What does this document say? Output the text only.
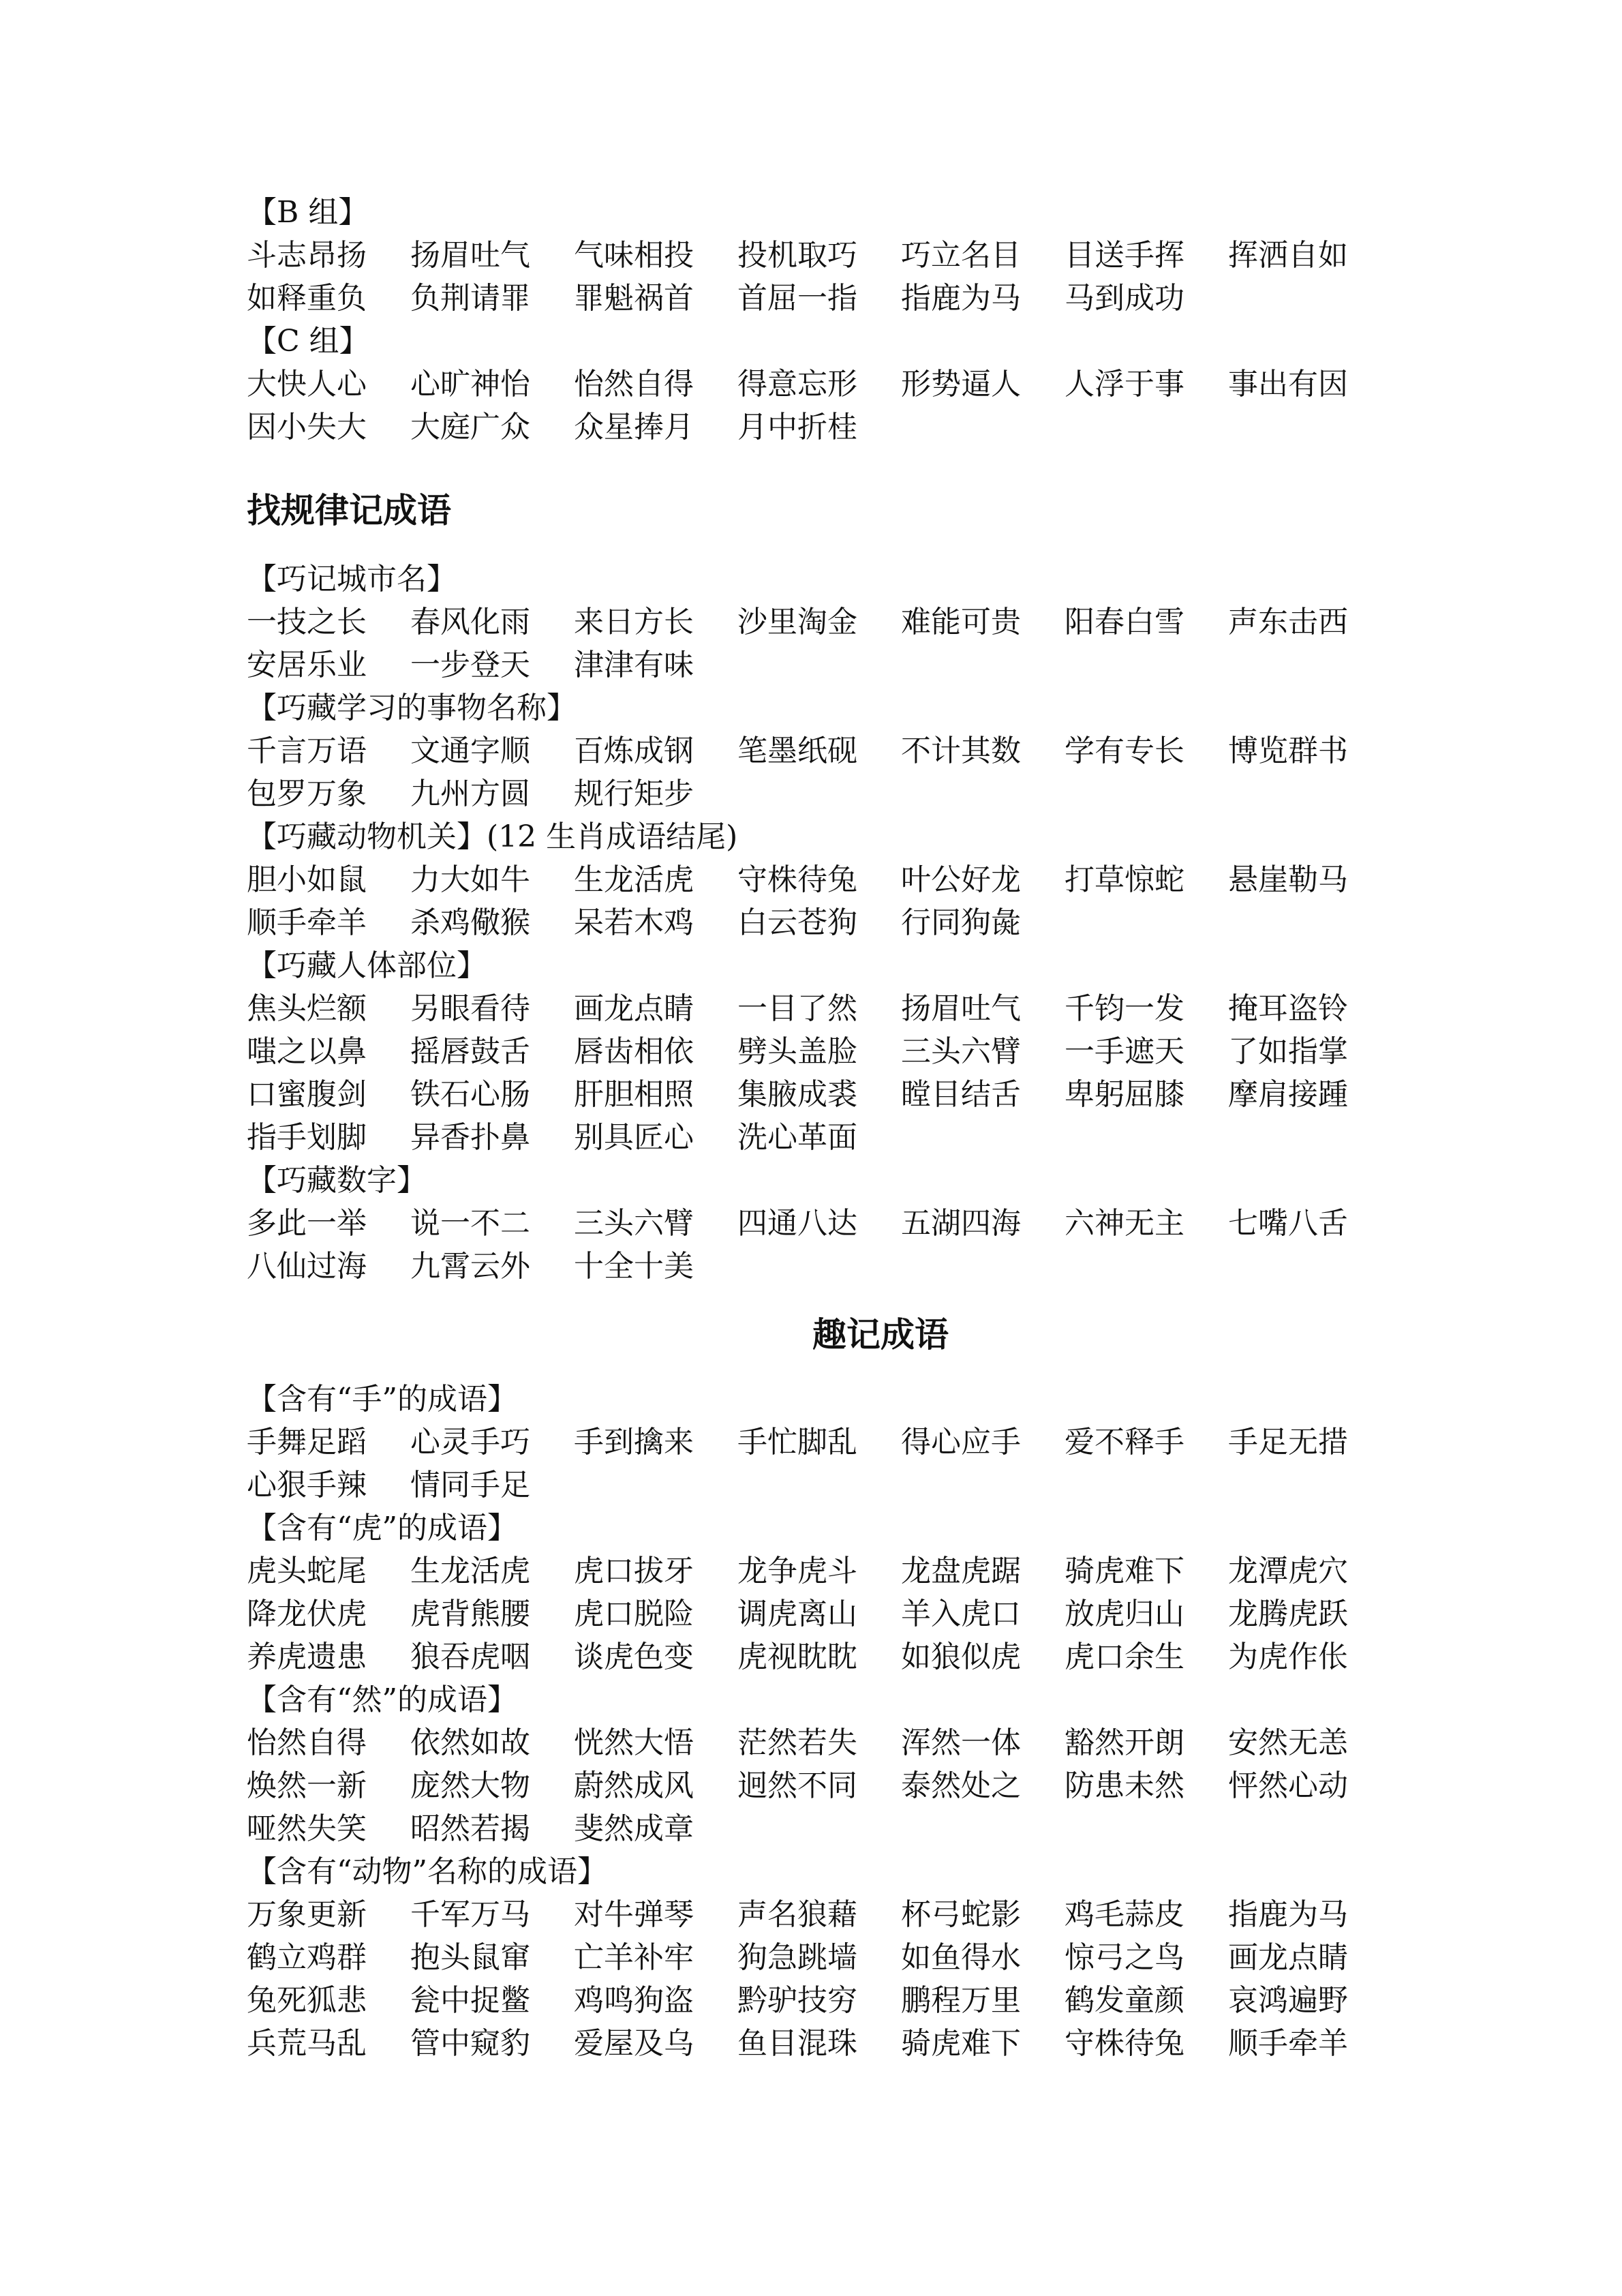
【B 组】
斗志昂扬 扬眉吐气 气味相投 投机取巧 巧立名目 目送手挥 挥洒自如
如释重负 负荆请罪 罪魁祸首 首屈一指 指鹿为马 马到成功
【C 组】
大快人心 心旷神怡 怡然自得 得意忘形 形势逼人 人浮于事 事出有因
因小失大 大庭广众 众星捧月 月中折桂
找规律记成语
【巧记城市名】
一技之长 春风化雨 来日方长 沙里淘金难能可贵阳春白雪声东击西
安居乐业 一步登天 津津有味
【巧藏学习的事物名称】
千言万语 文通字顺 百炼成钢 笔墨纸砚 不计其数 学有专长 博览群书
包罗万象 九州方圆 规行矩步
【巧藏动物机关】(12 生肖成语结尾)
胆小如鼠 力大如牛 生龙活虎 守株待兔 叶公好龙 打草惊蛇 悬崖勒马
顺手牵羊 杀鸡儆猴 呆若木鸡 白云苍狗 行同狗彘
【巧藏人体部位】
焦头烂额 另眼看待 画龙点睛 一目了然 扬眉吐气 千钧一发 掩耳盗铃
嗤之以鼻 摇唇鼓舌 唇齿相依 劈头盖脸 三头六臂 一手遮天 了如指掌
口蜜腹剑 铁石心肠 肝胆相照 集腋成裘 瞠目结舌 卑躬屈膝 摩肩接踵
指手划脚 异香扑鼻 别具匠心 洗心革面
【巧藏数字】
多此一举 说一不二 三头六臂 四通八达 五湖四海 六神无主 七嘴八舌
八仙过海 九霄云外 十全十美
趣记成语
【含有“手”的成语】
手舞足蹈 心灵手巧 手到擒来 手忙脚乱 得心应手 爱不释手 手足无措
心狠手辣 情同手足
【含有“虎”的成语】
虎头蛇尾 生龙活虎 虎口拔牙 龙争虎斗 龙盘虎踞 骑虎难下 龙潭虎穴
降龙伏虎 虎背熊腰 虎口脱险 调虎离山 羊入虎口 放虎归山 龙腾虎跃
养虎遗患 狼吞虎咽 谈虎色变 虎视眈眈 如狼似虎 虎口余生 为虎作伥
【含有“然”的成语】
怡然自得 依然如故 恍然大悟 茫然若失 浑然一体 豁然开朗 安然无恙
焕然一新 庞然大物 蔚然成风 迥然不同 泰然处之 防患未然 怦然心动
哑然失笑 昭然若揭 斐然成章
【含有“动物”名称的成语】
万象更新 千军万马 对牛弹琴 声名狼藉 杯弓蛇影 鸡毛蒜皮 指鹿为马
鹤立鸡群 抱头鼠窜 亡羊补牢 狗急跳墙 如鱼得水 惊弓之鸟 画龙点睛
兔死狐悲 瓮中捉鳖 鸡鸣狗盗 黔驴技穷 鹏程万里 鹤发童颜 哀鸿遍野
兵荒马乱 管中窥豹 爱屋及乌 鱼目混珠 骑虎难下 守株待兔 顺手牵羊
